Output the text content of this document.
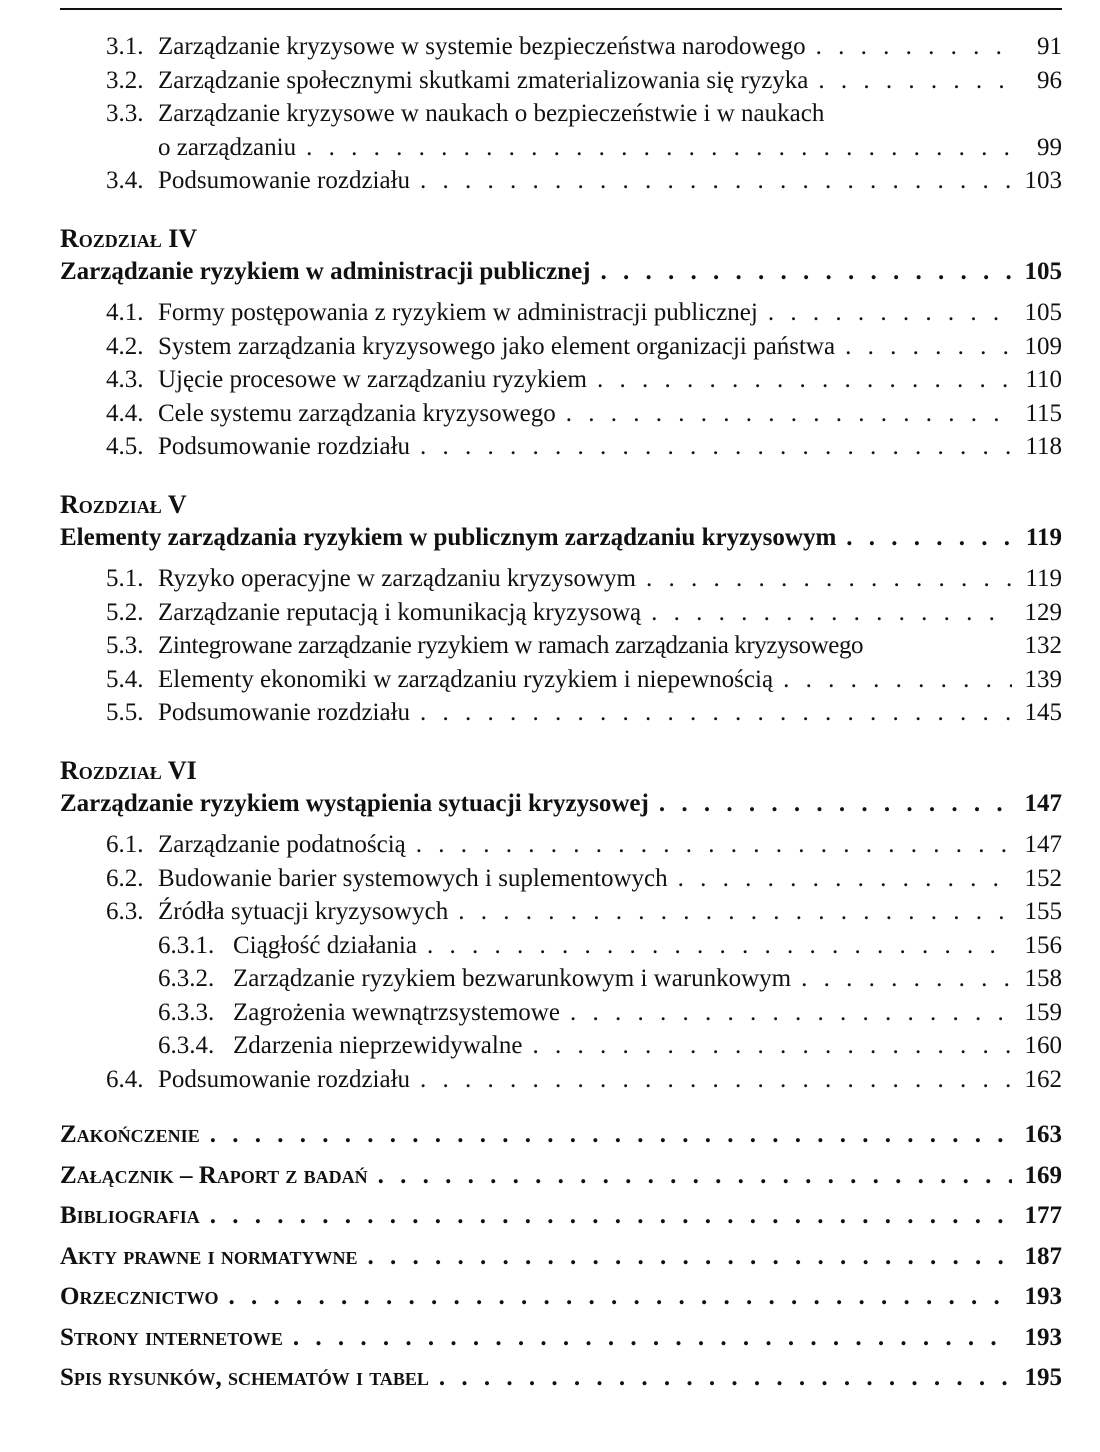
3.1. Zarządzanie kryzysowe w systemie bezpieczeństwa narodowego . . .	91
3.2. Zarządzanie społecznymi skutkami zmaterializowania się ryzyka . . .	96
3.3. Zarządzanie kryzysowe w naukach o bezpieczeństwie i w naukach
o zarządzaniu . . .	99
3.4. Podsumowanie rozdziału . . .	103
Rozdział IV
Zarządzanie ryzykiem w administracji publicznej . . .	105
4.1. Formy postępowania z ryzykiem w administracji publicznej . . .	105
4.2. System zarządzania kryzysowego jako element organizacji państwa . . .	109
4.3. Ujęcie procesowe w zarządzaniu ryzykiem . . .	110
4.4. Cele systemu zarządzania kryzysowego . . .	115
4.5. Podsumowanie rozdziału . . .	118
Rozdział V
Elementy zarządzania ryzykiem w publicznym zarządzaniu kryzysowym . . .	119
5.1. Ryzyko operacyjne w zarządzaniu kryzysowym . . .	119
5.2. Zarządzanie reputacją i komunikacją kryzysową . . .	129
5.3. Zintegrowane zarządzanie ryzykiem w ramach zarządzania kryzysowego	132
5.4. Elementy ekonomiki w zarządzaniu ryzykiem i niepewnością . . .	139
5.5. Podsumowanie rozdziału . . .	145
Rozdział VI
Zarządzanie ryzykiem wystąpienia sytuacji kryzysowej . . .	147
6.1. Zarządzanie podatnością . . .	147
6.2. Budowanie barier systemowych i suplementowych . . .	152
6.3. Źródła sytuacji kryzysowych . . .	155
6.3.1. Ciągłość działania . . .	156
6.3.2. Zarządzanie ryzykiem bezwarunkowym i warunkowym . . .	158
6.3.3. Zagrożenia wewnątrzsystemowe . . .	159
6.3.4. Zdarzenia nieprzewidywalne . . .	160
6.4. Podsumowanie rozdziału . . .	162
Zakończenie . . .	163
Załącznik – Raport z badań . . .	169
Bibliografia . . .	177
Akty prawne i normatywne . . .	187
Orzecznictwo . . .	193
Strony internetowe . . .	193
Spis rysunków, schematów i tabel . . .	195
